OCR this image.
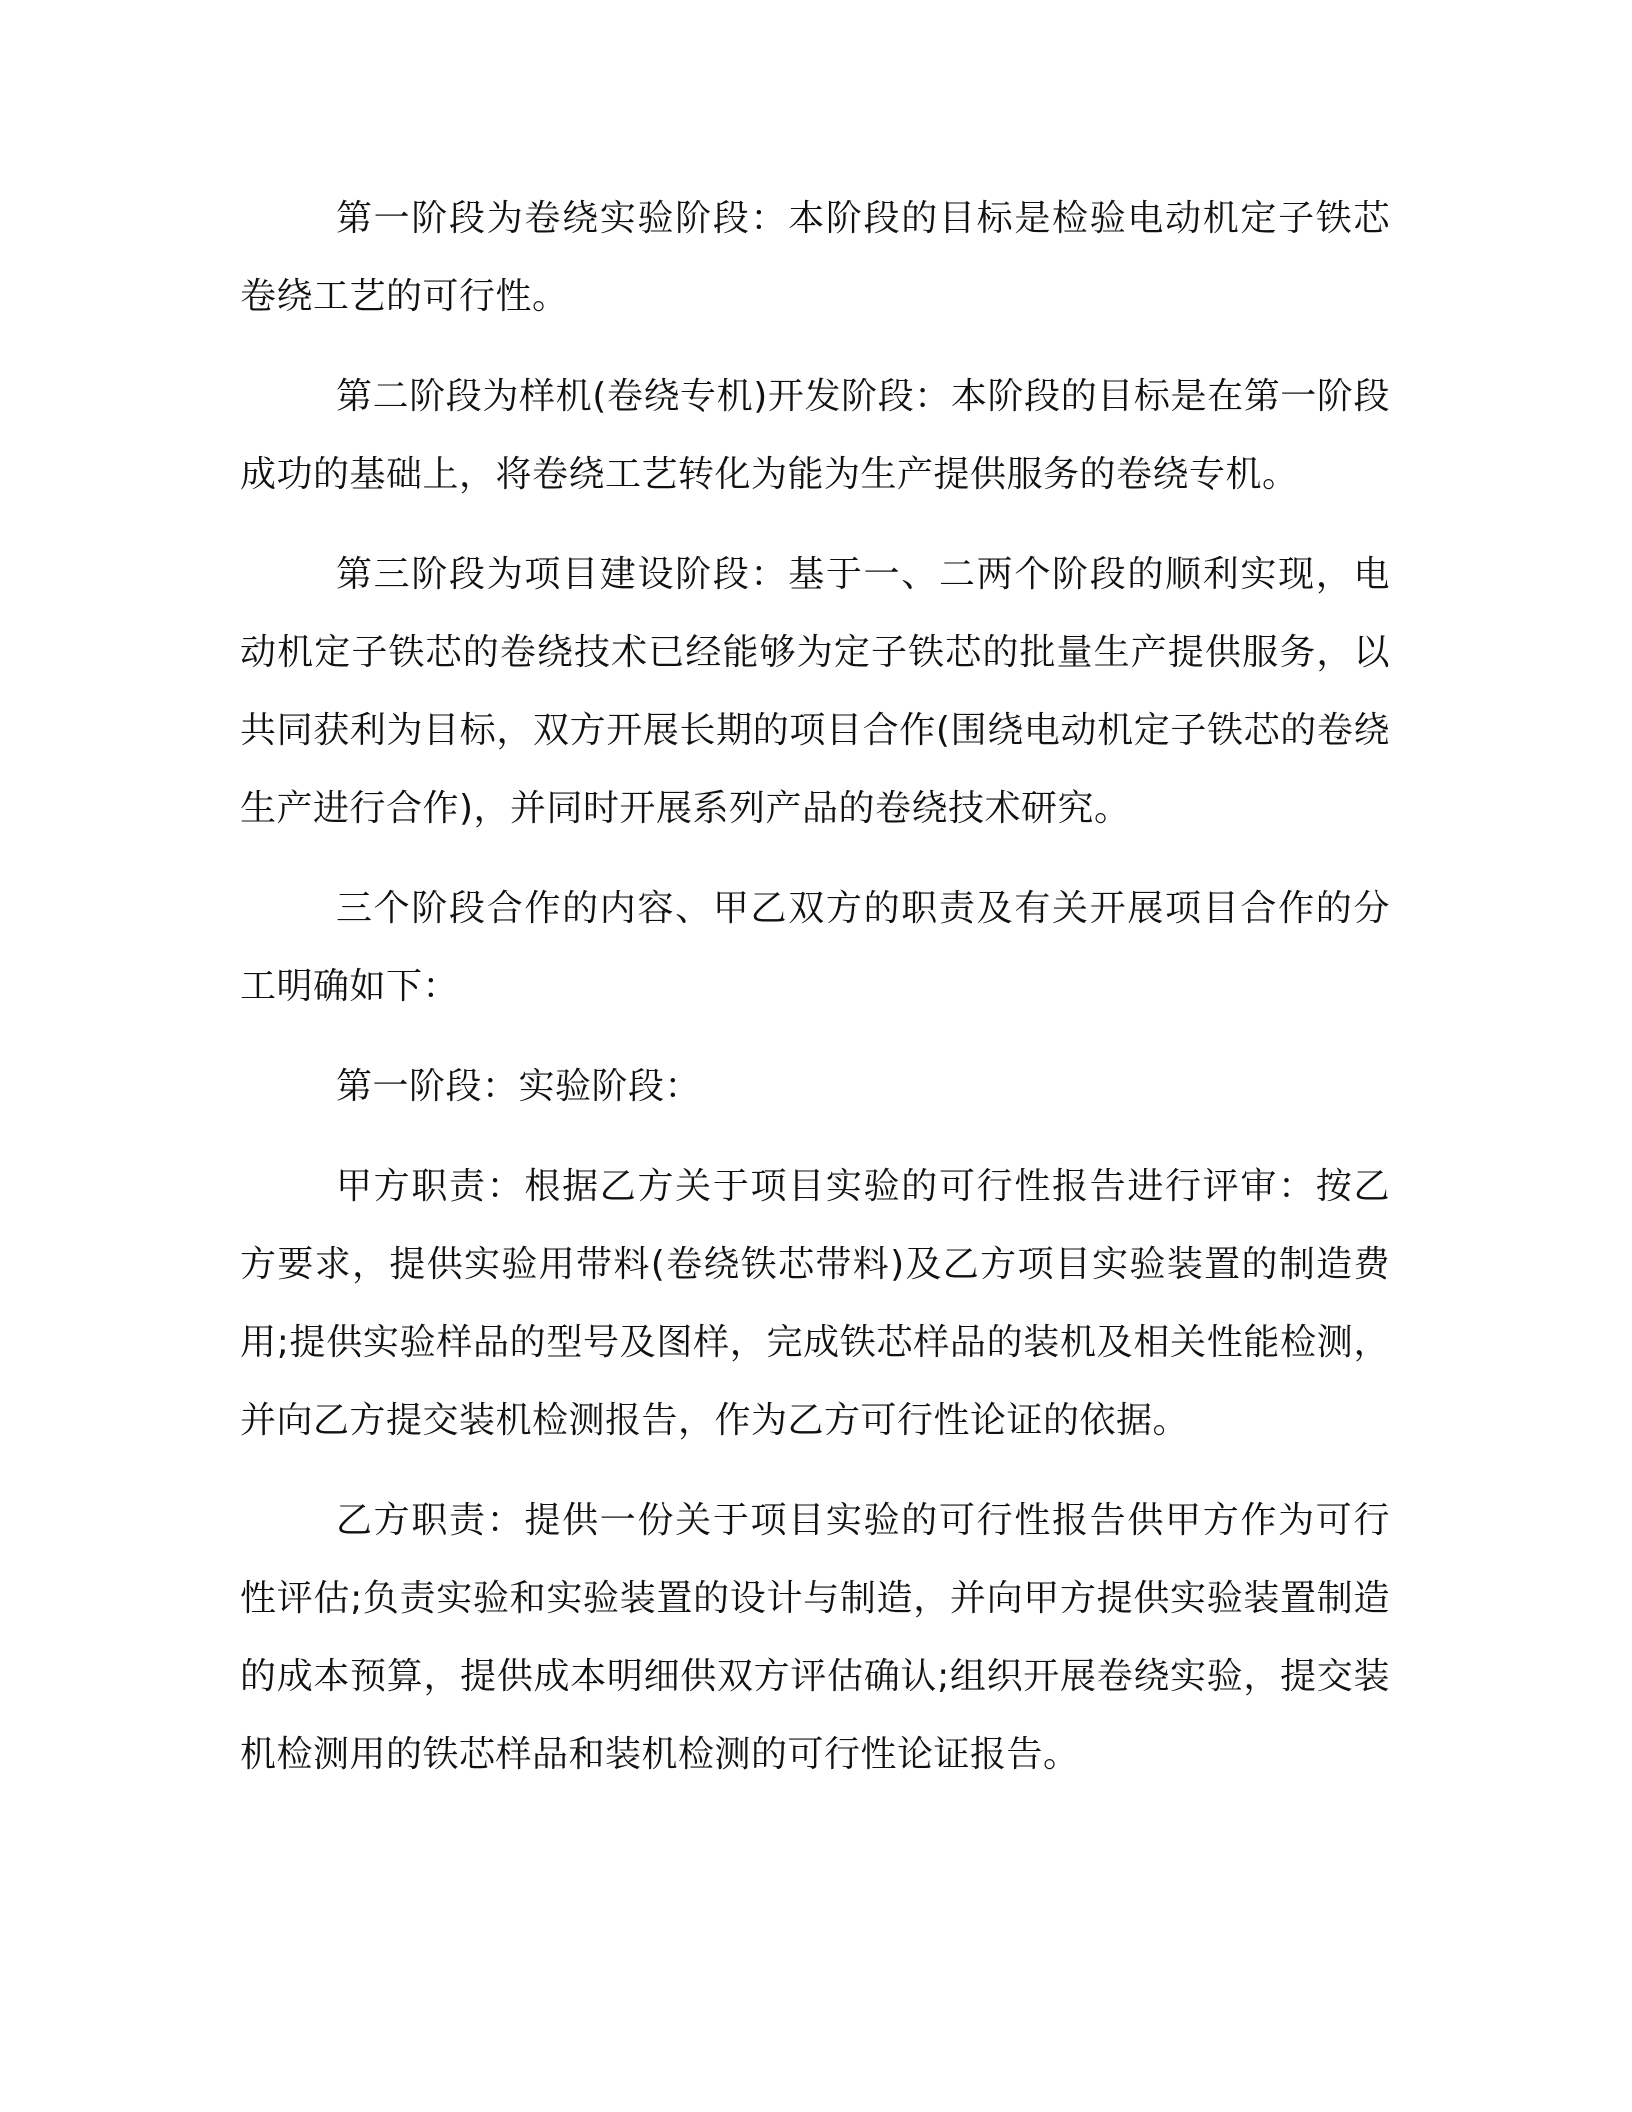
第一阶段为卷绕实验阶段：本阶段的目标是检验电动机定子铁芯卷绕工艺的可行性。

第二阶段为样机(卷绕专机)开发阶段：本阶段的目标是在第一阶段成功的基础上，将卷绕工艺转化为能为生产提供服务的卷绕专机。

第三阶段为项目建设阶段：基于一、二两个阶段的顺利实现，电动机定子铁芯的卷绕技术已经能够为定子铁芯的批量生产提供服务，以共同获利为目标，双方开展长期的项目合作(围绕电动机定子铁芯的卷绕生产进行合作)，并同时开展系列产品的卷绕技术研究。

三个阶段合作的内容、甲乙双方的职责及有关开展项目合作的分工明确如下：

第一阶段：实验阶段：

甲方职责：根据乙方关于项目实验的可行性报告进行评审：按乙方要求，提供实验用带料(卷绕铁芯带料)及乙方项目实验装置的制造费用;提供实验样品的型号及图样，完成铁芯样品的装机及相关性能检测，并向乙方提交装机检测报告，作为乙方可行性论证的依据。

乙方职责：提供一份关于项目实验的可行性报告供甲方作为可行性评估;负责实验和实验装置的设计与制造，并向甲方提供实验装置制造的成本预算，提供成本明细供双方评估确认;组织开展卷绕实验，提交装机检测用的铁芯样品和装机检测的可行性论证报告。
